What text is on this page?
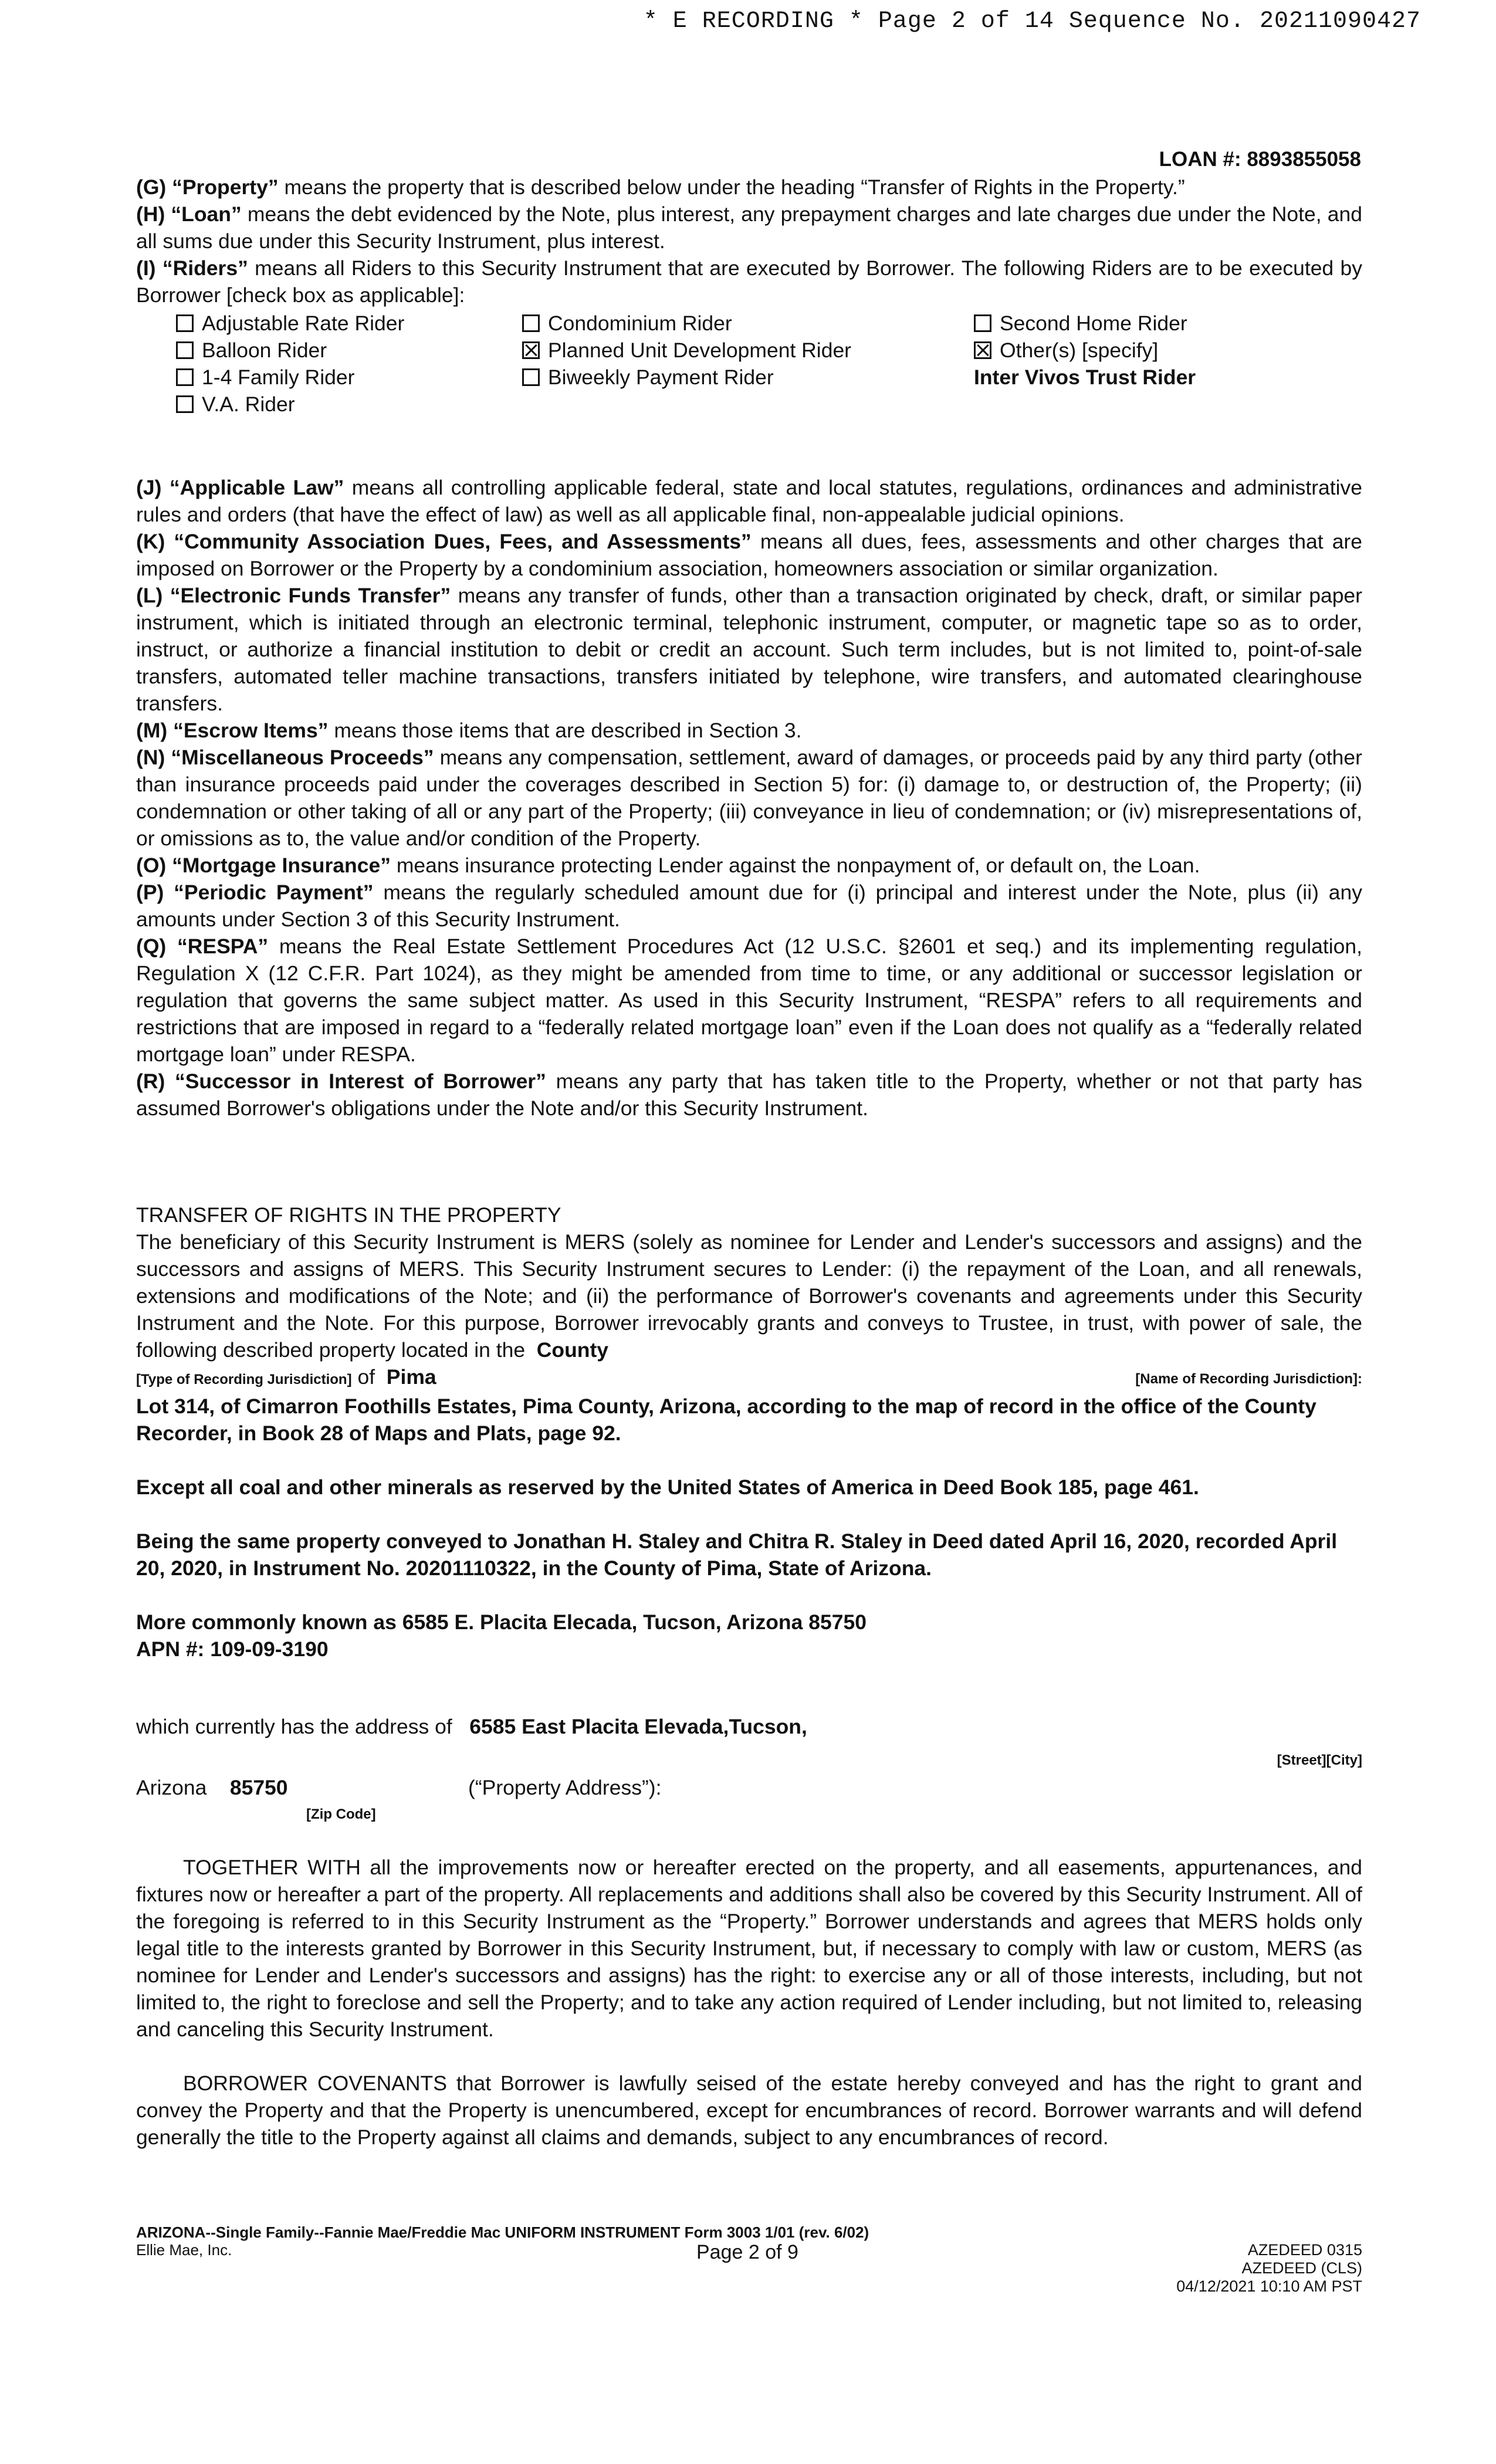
* E RECORDING * Page 2 of 14 Sequence No. 20211090427
LOAN #: 8893855058

(G) “Property” means the property that is described below under the heading “Transfer of Rights in the Property.”

(H) “Loan” means the debt evidenced by the Note, plus interest, any prepayment charges and late charges due under the Note, and all sums due under this Security Instrument, plus interest.

(I) “Riders” means all Riders to this Security Instrument that are executed by Borrower. The following Riders are to be executed by Borrower [check box as applicable]:

Adjustable Rate Rider
Balloon Rider
1-4 Family Rider
V.A. Rider
Condominium Rider
Planned Unit Development Rider
Biweekly Payment Rider
Second Home Rider
Other(s) [specify]
Inter Vivos Trust Rider

(J) “Applicable Law” means all controlling applicable federal, state and local statutes, regulations, ordinances and administrative rules and orders (that have the effect of law) as well as all applicable final, non-appealable judicial opinions.

(K) “Community Association Dues, Fees, and Assessments” means all dues, fees, assessments and other charges that are imposed on Borrower or the Property by a condominium association, homeowners association or similar organization.

(L) “Electronic Funds Transfer” means any transfer of funds, other than a transaction originated by check, draft, or similar paper instrument, which is initiated through an electronic terminal, telephonic instrument, computer, or magnetic tape so as to order, instruct, or authorize a financial institution to debit or credit an account. Such term includes, but is not limited to, point-of-sale transfers, automated teller machine transactions, transfers initiated by telephone, wire transfers, and automated clearinghouse transfers.

(M) “Escrow Items” means those items that are described in Section 3.

(N) “Miscellaneous Proceeds” means any compensation, settlement, award of damages, or proceeds paid by any third party (other than insurance proceeds paid under the coverages described in Section 5) for: (i) damage to, or destruction of, the Property; (ii) condemnation or other taking of all or any part of the Property; (iii) conveyance in lieu of condemnation; or (iv) misrepresentations of, or omissions as to, the value and/or condition of the Property.

(O) “Mortgage Insurance” means insurance protecting Lender against the nonpayment of, or default on, the Loan.

(P) “Periodic Payment” means the regularly scheduled amount due for (i) principal and interest under the Note, plus (ii) any amounts under Section 3 of this Security Instrument.

(Q) “RESPA” means the Real Estate Settlement Procedures Act (12 U.S.C. §2601 et seq.) and its implementing regulation, Regulation X (12 C.F.R. Part 1024), as they might be amended from time to time, or any additional or successor legislation or regulation that governs the same subject matter. As used in this Security Instrument, “RESPA” refers to all requirements and restrictions that are imposed in regard to a “federally related mortgage loan” even if the Loan does not qualify as a “federally related mortgage loan” under RESPA.

(R) “Successor in Interest of Borrower” means any party that has taken title to the Property, whether or not that party has assumed Borrower's obligations under the Note and/or this Security Instrument.

TRANSFER OF RIGHTS IN THE PROPERTY

The beneficiary of this Security Instrument is MERS (solely as nominee for Lender and Lender's successors and assigns) and the successors and assigns of MERS. This Security Instrument secures to Lender: (i) the repayment of the Loan, and all renewals, extensions and modifications of the Note; and (ii) the performance of Borrower's covenants and agreements under this Security Instrument and the Note. For this purpose, Borrower irrevocably grants and conveys to Trustee, in trust, with power of sale, the following described property located in the County

[Type of Recording Jurisdiction] of Pima	[Name of Recording Jurisdiction]:

Lot 314, of Cimarron Foothills Estates, Pima County, Arizona, according to the map of record in the office of the County Recorder, in Book 28 of Maps and Plats, page 92.

Except all coal and other minerals as reserved by the United States of America in Deed Book 185, page 461.

Being the same property conveyed to Jonathan H. Staley and Chitra R. Staley in Deed dated April 16, 2020, recorded April 20, 2020, in Instrument No. 20201110322, in the County of Pima, State of Arizona.

More commonly known as 6585 E. Placita Elecada, Tucson, Arizona 85750

APN #: 109-09-3190

which currently has the address of 6585 East Placita Elevada,Tucson,
[Street][City]
Arizona 85750	(“Property Address”):
[Zip Code]

TOGETHER WITH all the improvements now or hereafter erected on the property, and all easements, appurtenances, and fixtures now or hereafter a part of the property. All replacements and additions shall also be covered by this Security Instrument. All of the foregoing is referred to in this Security Instrument as the “Property.” Borrower understands and agrees that MERS holds only legal title to the interests granted by Borrower in this Security Instrument, but, if necessary to comply with law or custom, MERS (as nominee for Lender and Lender's successors and assigns) has the right: to exercise any or all of those interests, including, but not limited to, the right to foreclose and sell the Property; and to take any action required of Lender including, but not limited to, releasing and canceling this Security Instrument.

BORROWER COVENANTS that Borrower is lawfully seised of the estate hereby conveyed and has the right to grant and convey the Property and that the Property is unencumbered, except for encumbrances of record. Borrower warrants and will defend generally the title to the Property against all claims and demands, subject to any encumbrances of record.

ARIZONA--Single Family--Fannie Mae/Freddie Mac UNIFORM INSTRUMENT Form 3003 1/01 (rev. 6/02)
Ellie Mae, Inc.	Page 2 of 9	AZEDEED 0315
AZEDEED (CLS)
04/12/2021 10:10 AM PST
